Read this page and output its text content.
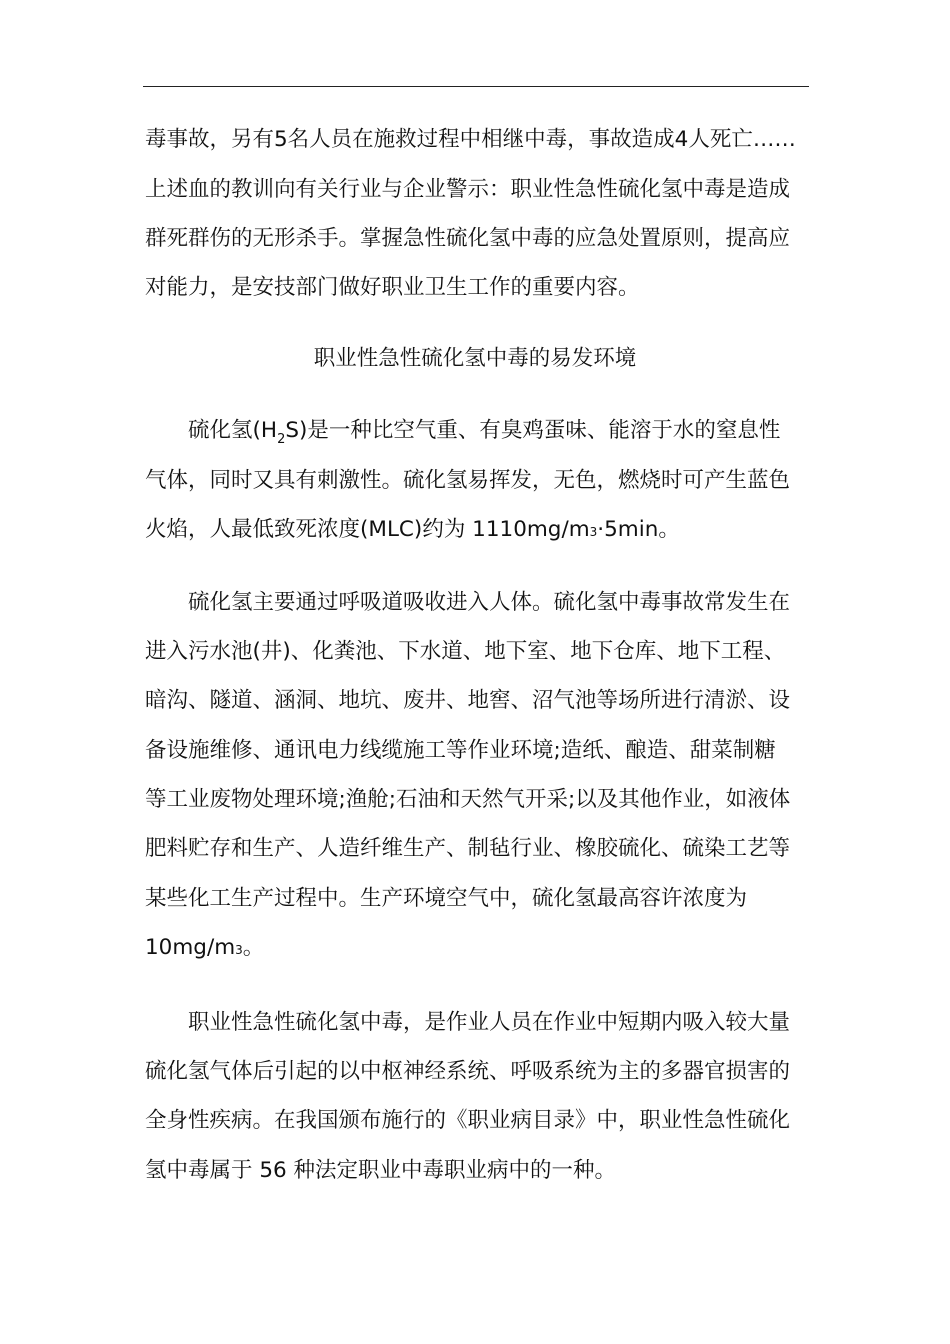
毒事故，另有5名人员在施救过程中相继中毒，事故造成4人死亡……
上述血的教训向有关行业与企业警示：职业性急性硫化氢中毒是造成
群死群伤的无形杀手。掌握急性硫化氢中毒的应急处置原则，提高应
对能力，是安技部门做好职业卫生工作的重要内容。
职业性急性硫化氢中毒的易发环境
硫化氢$(H_2S)$是一种比空气重、有臭鸡蛋味、能溶于水的窒息性
气体，同时又具有刺激性。硫化氢易挥发，无色，燃烧时可产生蓝色
火焰，人最低致死浓度(MLC)约为 1110mg/m3·5min。
硫化氢主要通过呼吸道吸收进入人体。硫化氢中毒事故常发生在
进入污水池(井)、化粪池、下水道、地下室、地下仓库、地下工程、
暗沟、隧道、涵洞、地坑、废井、地窖、沼气池等场所进行清淤、设
备设施维修、通讯电力线缆施工等作业环境;造纸、酿造、甜菜制糖
等工业废物处理环境;渔舱;石油和天然气开采;以及其他作业，如液体
肥料贮存和生产、人造纤维生产、制毡行业、橡胶硫化、硫染工艺等
某些化工生产过程中。生产环境空气中，硫化氢最高容许浓度为
10mg/m3。
职业性急性硫化氢中毒，是作业人员在作业中短期内吸入较大量
硫化氢气体后引起的以中枢神经系统、呼吸系统为主的多器官损害的
全身性疾病。在我国颁布施行的《职业病目录》中，职业性急性硫化
氢中毒属于 56 种法定职业中毒职业病中的一种。
